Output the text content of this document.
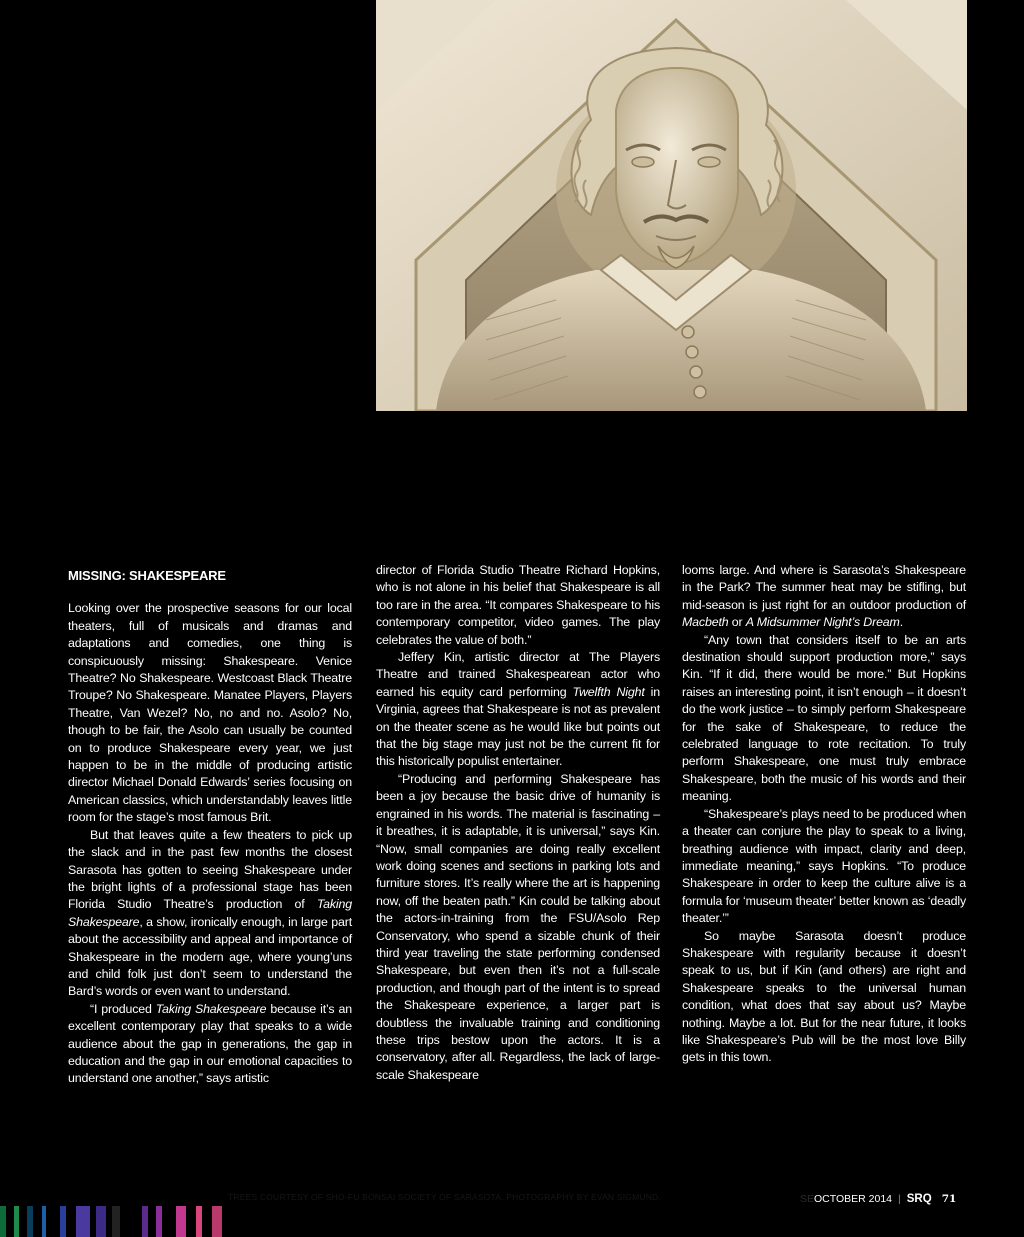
MISSING: SHAKESPEARE

Looking over the prospective seasons for our local theaters, full of musicals and dramas and adaptations and comedies, one thing is conspicuously missing: Shakespeare. Venice Theatre? No Shakespeare. Westcoast Black Theatre Troupe? No Shakespeare. Manatee Players, Players Theatre, Van Wezel? No, no and no. Asolo? No, though to be fair, the Asolo can usually be counted on to produce Shakespeare every year, we just happen to be in the middle of producing artistic director Michael Donald Edwards’ series focusing on American classics, which understandably leaves little room for the stage’s most famous Brit.

But that leaves quite a few theaters to pick up the slack and in the past few months the closest Sarasota has gotten to seeing Shakespeare under the bright lights of a professional stage has been Florida Studio Theatre’s production of Taking Shakespeare, a show, ironically enough, in large part about the accessibility and appeal and importance of Shakespeare in the modern age, where young’uns and child folk just don’t seem to understand the Bard’s words or even want to understand.

“I produced Taking Shakespeare because it’s an excellent contemporary play that speaks to a wide audience about the gap in generations, the gap in education and the gap in our emotional capacities to understand one another,” says artistic

director of Florida Studio Theatre Richard Hopkins, who is not alone in his belief that Shakespeare is all too rare in the area. “It compares Shakespeare to his contemporary competitor, video games. The play celebrates the value of both.”

Jeffery Kin, artistic director at The Players Theatre and trained Shakespearean actor who earned his equity card performing Twelfth Night in Virginia, agrees that Shakespeare is not as prevalent on the theater scene as he would like but points out that the big stage may just not be the current fit for this historically populist entertainer.

“Producing and performing Shakespeare has been a joy because the basic drive of humanity is engrained in his words. The material is fascinating – it breathes, it is adaptable, it is universal,” says Kin. “Now, small companies are doing really excellent work doing scenes and sections in parking lots and furniture stores. It’s really where the art is happening now, off the beaten path.” Kin could be talking about the actors-in-training from the FSU/Asolo Rep Conservatory, who spend a sizable chunk of their third year traveling the state performing condensed Shakespeare, but even then it’s not a full-scale production, and though part of the intent is to spread the Shakespeare experience, a larger part is doubtless the invaluable training and conditioning these trips bestow upon the actors. It is a conservatory, after all. Regardless, the lack of large-scale Shakespeare

looms large. And where is Sarasota’s Shakespeare in the Park? The summer heat may be stifling, but mid-season is just right for an outdoor production of Macbeth or A Midsummer Night’s Dream.

“Any town that considers itself to be an arts destination should support production more,” says Kin. “If it did, there would be more.” But Hopkins raises an interesting point, it isn’t enough – it doesn’t do the work justice – to simply perform Shakespeare for the sake of Shakespeare, to reduce the celebrated language to rote recitation. To truly perform Shakespeare, one must truly embrace Shakespeare, both the music of his words and their meaning.

“Shakespeare’s plays need to be produced when a theater can conjure the play to speak to a living, breathing audience with impact, clarity and deep, immediate meaning,” says Hopkins. “To produce Shakespeare in order to keep the culture alive is a formula for ‘museum theater’ better known as ‘deadly theater.’”

So maybe Sarasota doesn’t produce Shakespeare with regularity because it doesn’t speak to us, but if Kin (and others) are right and Shakespeare speaks to the universal human condition, what does that say about us? Maybe nothing. Maybe a lot. But for the near future, it looks like Shakespeare’s Pub will be the most love Billy gets in this town.

TREES COURTESY OF SHO-FU BONSAI SOCIETY OF SARASOTA. PHOTOGRAPHY BY EVAN SIGMUND.	SEOCTOBER 2014 | SRQ 71
